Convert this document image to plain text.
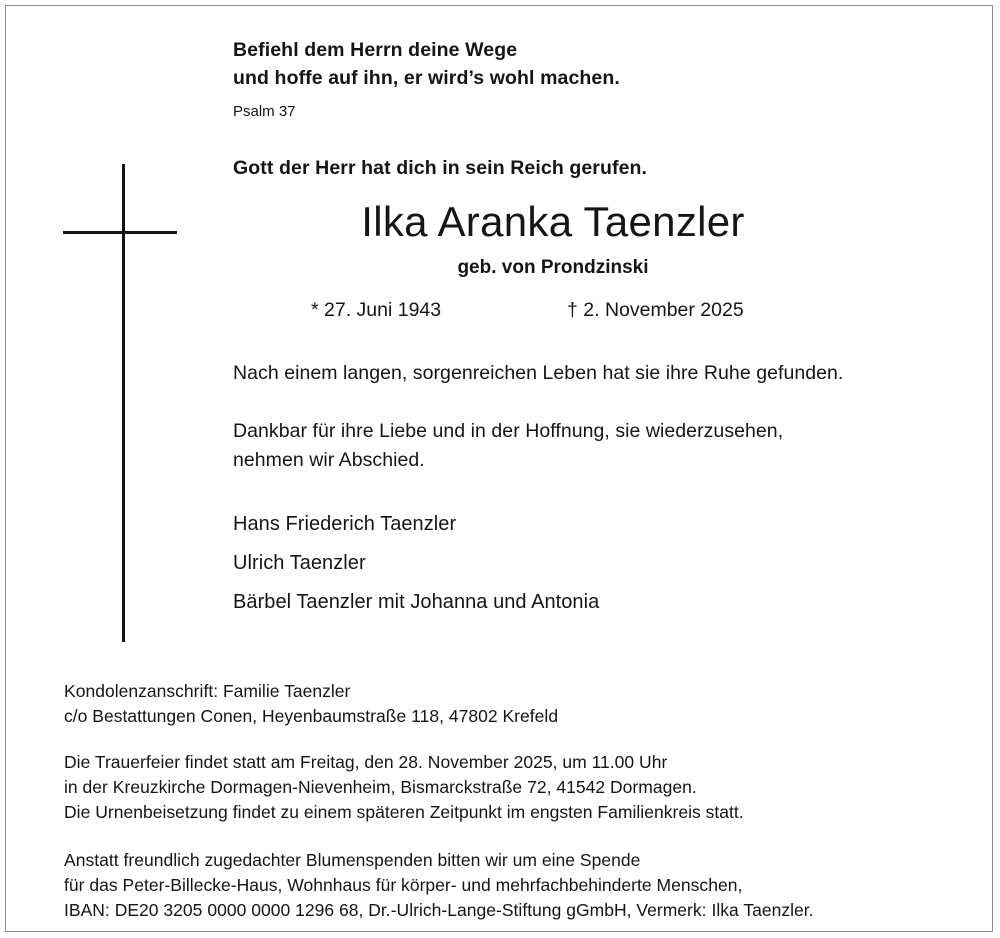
Befiehl dem Herrn deine Wege
und hoffe auf ihn, er wird’s wohl machen.
Psalm 37
Gott der Herr hat dich in sein Reich gerufen.
Ilka Aranka Taenzler
geb. von Prondzinski
* 27. Juni 1943	† 2. November 2025
Nach einem langen, sorgenreichen Leben hat sie ihre Ruhe gefunden.
Dankbar für ihre Liebe und in der Hoffnung, sie wiederzusehen,
nehmen wir Abschied.
Hans Friederich Taenzler
Ulrich Taenzler
Bärbel Taenzler mit Johanna und Antonia
Kondolenzanschrift: Familie Taenzler
c/o Bestattungen Conen, Heyenbaumstraße 118, 47802 Krefeld
Die Trauerfeier findet statt am Freitag, den 28. November 2025, um 11.00 Uhr
in der Kreuzkirche Dormagen-Nievenheim, Bismarckstraße 72, 41542 Dormagen.
Die Urnenbeisetzung findet zu einem späteren Zeitpunkt im engsten Familienkreis statt.
Anstatt freundlich zugedachter Blumenspenden bitten wir um eine Spende
für das Peter-Billecke-Haus, Wohnhaus für körper- und mehrfachbehinderte Menschen,
IBAN: DE20 3205 0000 0000 1296 68, Dr.-Ulrich-Lange-Stiftung gGmbH, Vermerk: Ilka Taenzler.
